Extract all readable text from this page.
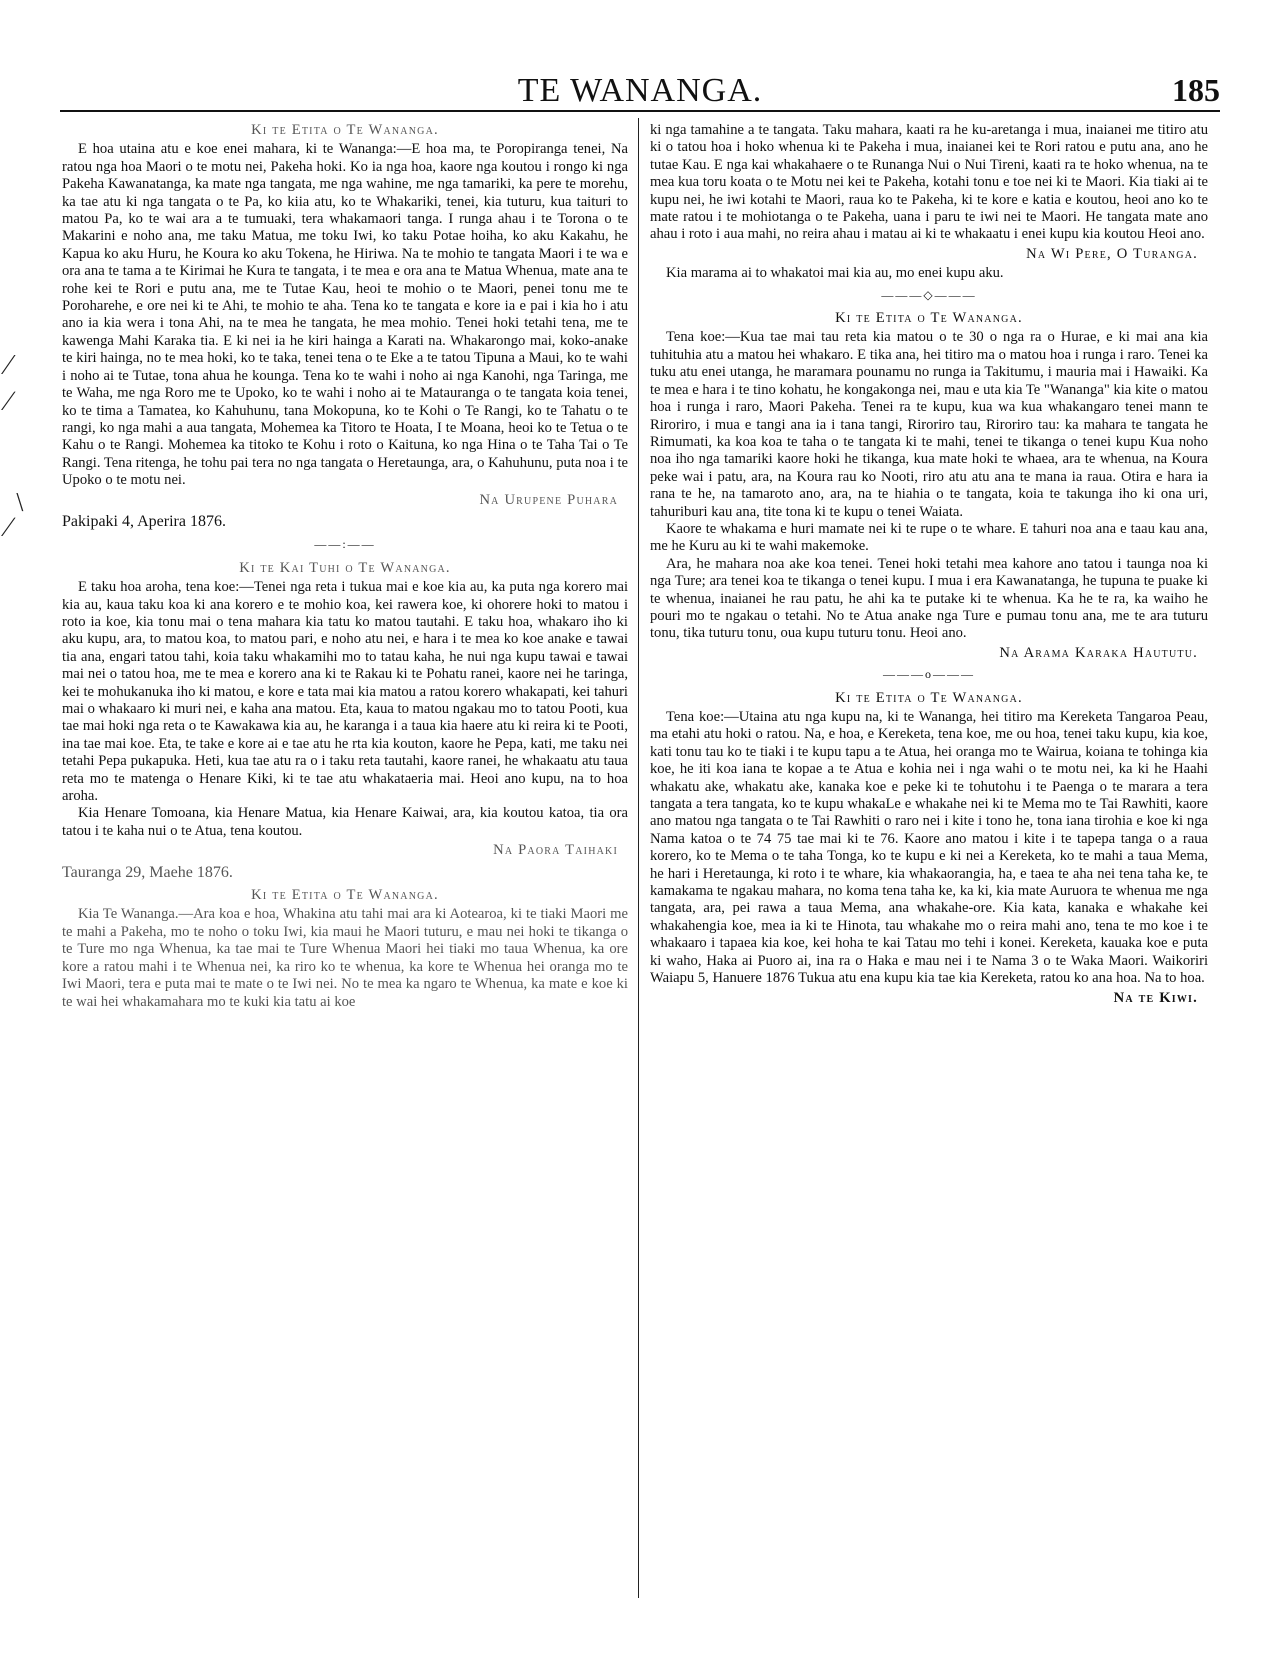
TE WANANGA.	185
⁄
∕
﹨
∕
Ki te Etita o Te Wananga.

E hoa utaina atu e koe enei mahara, ki te Wananga:—E hoa ma, te Poropiranga tenei, Na ratou nga hoa Maori o te motu nei, Pakeha hoki. Ko ia nga hoa, kaore nga koutou i rongo ki nga Pakeha Kawanatanga, ka mate nga tangata, me nga wahine, me nga tamariki, ka pere te morehu, ka tae atu ki nga tangata o te Pa, ko kiia atu, ko te Whakariki, tenei, kia tuturu, kua taituri to matou Pa, ko te wai ara a te tumuaki, tera whakamaori tanga. I runga ahau i te Torona o te Makarini e noho ana, me taku Matua, me toku Iwi, ko taku Potae hoiha, ko aku Kakahu, he Kapua ko aku Huru, he Koura ko aku Tokena, he Hiriwa. Na te mohio te tangata Maori i te wa e ora ana te tama a te Kirimai he Kura te tangata, i te mea e ora ana te Matua Whenua, mate ana te rohe kei te Rori e putu ana, me te Tutae Kau, heoi te mohio o te Maori, penei tonu me te Poroharehe, e ore nei ki te Ahi, te mohio te aha. Tena ko te tangata e kore ia e pai i kia ho i atu ano ia kia wera i tona Ahi, na te mea he tangata, he mea mohio. Tenei hoki tetahi tena, me te kawenga Mahi Karaka tia. E ki nei ia he kiri hainga a Karati na. Whakarongo mai, koko-anake te kiri hainga, no te mea hoki, ko te taka, tenei tena o te Eke a te tatou Tipuna a Maui, ko te wahi i noho ai te Tutae, tona ahua he kounga. Tena ko te wahi i noho ai nga Kanohi, nga Taringa, me te Waha, me nga Roro me te Upoko, ko te wahi i noho ai te Matauranga o te tangata koia tenei, ko te tima a Tamatea, ko Kahuhunu, tana Mokopuna, ko te Kohi o Te Rangi, ko te Tahatu o te rangi, ko nga mahi a aua tangata, Mohemea ka Titoro te Hoata, I te Moana, heoi ko te Tetua o te Kahu o te Rangi. Mohemea ka titoko te Kohu i roto o Kaituna, ko nga Hina o te Taha Tai o Te Rangi. Tena ritenga, he tohu pai tera no nga tangata o Heretaunga, ara, o Kahuhunu, puta noa i te Upoko o te motu nei.

Na Urupene Puhara
Pakipaki 4, Aperira 1876.
——:——
Ki te Kai Tuhi o Te Wananga.

E taku hoa aroha, tena koe:—Tenei nga reta i tukua mai e koe kia au, ka puta nga korero mai kia au, kaua taku koa ki ana korero e te mohio koa, kei rawera koe, ki ohorere hoki to matou i roto ia koe, kia tonu mai o tena mahara kia tatu ko matou tautahi. E taku hoa, whakaro iho ki aku kupu, ara, to matou koa, to matou pari, e noho atu nei, e hara i te mea ko koe anake e tawai tia ana, engari tatou tahi, koia taku whakamihi mo to tatau kaha, he nui nga kupu tawai e tawai mai nei o tatou hoa, me te mea e korero ana ki te Rakau ki te Pohatu ranei, kaore nei he taringa, kei te mohukanuka iho ki matou, e kore e tata mai kia matou a ratou korero whakapati, kei tahuri mai o whakaaro ki muri nei, e kaha ana matou. Eta, kaua to matou ngakau mo to tatou Pooti, kua tae mai hoki nga reta o te Kawakawa kia au, he karanga i a taua kia haere atu ki reira ki te Pooti, ina tae mai koe. Eta, te take e kore ai e tae atu he rta kia kouton, kaore he Pepa, kati, me taku nei tetahi Pepa pukapuka. Heti, kua tae atu ra o i taku reta tautahi, kaore ranei, he whakaatu atu taua reta mo te matenga o Henare Kiki, ki te tae atu whakataeria mai. Heoi ano kupu, na to hoa aroha.

Kia Henare Tomoana, kia Henare Matua, kia Henare Kaiwai, ara, kia koutou katoa, tia ora tatou i te kaha nui o te Atua, tena koutou.

Na Paora Taihaki
Tauranga 29, Maehe 1876.
Ki te Etita o Te Wananga.

Kia Te Wananga.—Ara koa e hoa, Whakina atu tahi mai ara ki Aotearoa, ki te tiaki Maori me te mahi a Pakeha, mo te noho o toku Iwi, kia maui he Maori tuturu, e mau nei hoki te tikanga o te Ture mo nga Whenua, ka tae mai te Ture Whenua Maori hei tiaki mo taua Whenua, ka ore kore a ratou mahi i te Whenua nei, ka riro ko te whenua, ka kore te Whenua hei oranga mo te Iwi Maori, tera e puta mai te mate o te Iwi nei. No te mea ka ngaro te Whenua, ka mate e koe ki te wai hei whakamahara mo te kuki kia tatu ai koe

ki nga tamahine a te tangata. Taku mahara, kaati ra he ku-aretanga i mua, inaianei me titiro atu ki o tatou hoa i hoko whenua ki te Pakeha i mua, inaianei kei te Rori ratou e putu ana, ano he tutae Kau. E nga kai whakahaere o te Runanga Nui o Nui Tireni, kaati ra te hoko whenua, na te mea kua toru koata o te Motu nei kei te Pakeha, kotahi tonu e toe nei ki te Maori. Kia tiaki ai te kupu nei, he iwi kotahi te Maori, raua ko te Pakeha, ki te kore e katia e koutou, heoi ano ko te mate ratou i te mohiotanga o te Pakeha, uana i paru te iwi nei te Maori. He tangata mate ano ahau i roto i aua mahi, no reira ahau i matau ai ki te whakaatu i enei kupu kia koutou Heoi ano.

Na Wi Pere, O Turanga.

Kia marama ai to whakatoi mai kia au, mo enei kupu aku.

———◇———
Ki te Etita o Te Wananga.

Tena koe:—Kua tae mai tau reta kia matou o te 30 o nga ra o Hurae, e ki mai ana kia tuhituhia atu a matou hei whakaro. E tika ana, hei titiro ma o matou hoa i runga i raro. Tenei ka tuku atu enei utanga, he maramara pounamu no runga ia Takitumu, i mauria mai i Hawaiki. Ka te mea e hara i te tino kohatu, he kongakonga nei, mau e uta kia Te "Wananga" kia kite o matou hoa i runga i raro, Maori Pakeha. Tenei ra te kupu, kua wa kua whakangaro tenei mann te Riroriro, i mua e tangi ana ia i tana tangi, Riroriro tau, Riroriro tau: ka mahara te tangata he Rimumati, ka koa koa te taha o te tangata ki te mahi, tenei te tikanga o tenei kupu Kua noho noa iho nga tamariki kaore hoki he tikanga, kua mate hoki te whaea, ara te whenua, na Koura peke wai i patu, ara, na Koura rau ko Nooti, riro atu atu ana te mana ia raua. Otira e hara ia rana te he, na tamaroto ano, ara, na te hiahia o te tangata, koia te takunga iho ki ona uri, tahuriburi kau ana, tite tona ki te kupu o tenei Waiata.

Kaore te whakama e huri mamate nei ki te rupe o te whare. E tahuri noa ana e taau kau ana, me he Kuru au ki te wahi makemoke.

Ara, he mahara noa ake koa tenei. Tenei hoki tetahi mea kahore ano tatou i taunga noa ki nga Ture; ara tenei koa te tikanga o tenei kupu. I mua i era Kawanatanga, he tupuna te puake ki te whenua, inaianei he rau patu, he ahi ka te putake ki te whenua. Ka he te ra, ka waiho he pouri mo te ngakau o tetahi. No te Atua anake nga Ture e pumau tonu ana, me te ara tuturu tonu, tika tuturu tonu, oua kupu tuturu tonu. Heoi ano.

Na Arama Karaka Haututu.
———o———
Ki te Etita o Te Wananga.

Tena koe:—Utaina atu nga kupu na, ki te Wananga, hei titiro ma Kereketa Tangaroa Peau, ma etahi atu hoki o ratou. Na, e hoa, e Kereketa, tena koe, me ou hoa, tenei taku kupu, kia koe, kati tonu tau ko te tiaki i te kupu tapu a te Atua, hei oranga mo te Wairua, koiana te tohinga kia koe, he iti koa iana te kopae a te Atua e kohia nei i nga wahi o te motu nei, ka ki he Haahi whakatu ake, whakatu ake, kanaka koe e peke ki te tohutohu i te Paenga o te marara a tera tangata a tera tangata, ko te kupu whakaLe e whakahe nei ki te Mema mo te Tai Rawhiti, kaore ano matou nga tangata o te Tai Rawhiti o raro nei i kite i tono he, tona iana tirohia e koe ki nga Nama katoa o te 74 75 tae mai ki te 76. Kaore ano matou i kite i te tapepa tanga o a raua korero, ko te Mema o te taha Tonga, ko te kupu e ki nei a Kereketa, ko te mahi a taua Mema, he hari i Heretaunga, ki roto i te whare, kia whakaorangia, ha, e taea te aha nei tena taha ke, te kamakama te ngakau mahara, no koma tena taha ke, ka ki, kia mate Auruora te whenua me nga tangata, ara, pei rawa a taua Mema, ana whakahe-ore. Kia kata, kanaka e whakahe kei whakahengia koe, mea ia ki te Hinota, tau whakahe mo o reira mahi ano, tena te mo koe i te whakaaro i tapaea kia koe, kei hoha te kai Tatau mo tehi i konei. Kereketa, kauaka koe e puta ki waho, Haka ai Puoro ai, ina ra o Haka e mau nei i te Nama 3 o te Waka Maori. Waikoriri Waiapu 5, Hanuere 1876 Tukua atu ena kupu kia tae kia Kereketa, ratou ko ana hoa. Na to hoa.

Na te Kiwi.
